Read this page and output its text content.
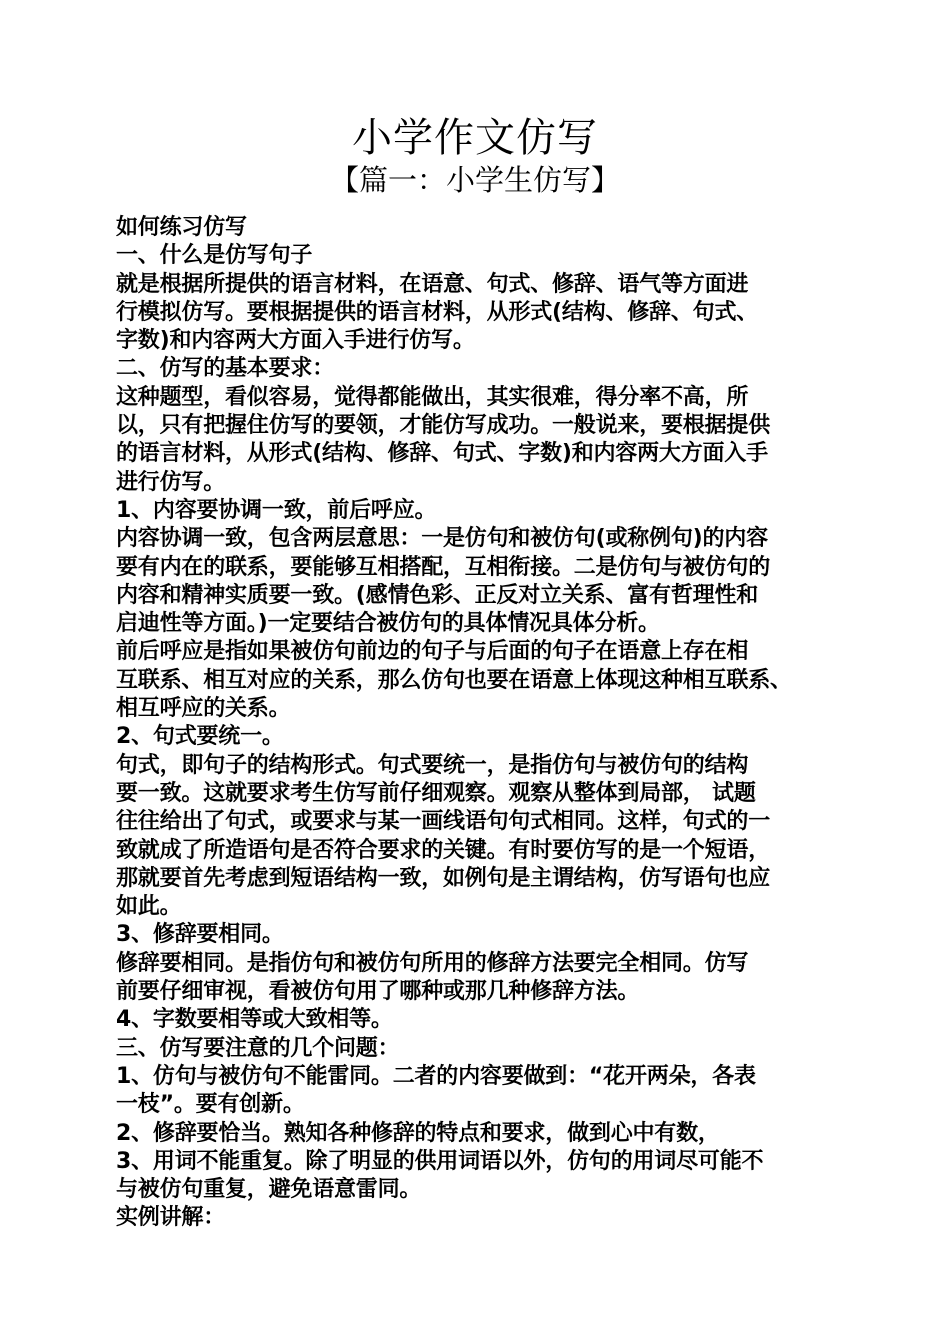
小学作文仿写
【篇一：小学生仿写】
如何练习仿写
一、什么是仿写句子
就是根据所提供的语言材料，在语意、句式、修辞、语气等方面进
行模拟仿写。要根据提供的语言材料，从形式(结构、修辞、句式、
字数)和内容两大方面入手进行仿写。
二、仿写的基本要求：
这种题型，看似容易，觉得都能做出，其实很难，得分率不高，所
以，只有把握住仿写的要领，才能仿写成功。一般说来，要根据提供
的语言材料，从形式(结构、修辞、句式、字数)和内容两大方面入手
进行仿写。
1、内容要协调一致，前后呼应。
内容协调一致，包含两层意思：一是仿句和被仿句(或称例句)的内容
要有内在的联系，要能够互相搭配，互相衔接。二是仿句与被仿句的
内容和精神实质要一致。(感情色彩、正反对立关系、富有哲理性和
启迪性等方面。)一定要结合被仿句的具体情况具体分析。
前后呼应是指如果被仿句前边的句子与后面的句子在语意上存在相
互联系、相互对应的关系，那么仿句也要在语意上体现这种相互联系、
相互呼应的关系。
2、句式要统一。
句式，即句子的结构形式。句式要统一，是指仿句与被仿句的结构
要一致。这就要求考生仿写前仔细观察。观察从整体到局部， 试题
往往给出了句式，或要求与某一画线语句句式相同。这样，句式的一
致就成了所造语句是否符合要求的关键。有时要仿写的是一个短语，
那就要首先考虑到短语结构一致，如例句是主谓结构，仿写语句也应
如此。
3、修辞要相同。
修辞要相同。是指仿句和被仿句所用的修辞方法要完全相同。仿写
前要仔细审视，看被仿句用了哪种或那几种修辞方法。
4、字数要相等或大致相等。
三、仿写要注意的几个问题：
1、仿句与被仿句不能雷同。二者的内容要做到：“花开两朵，各表
一枝”。要有创新。
2、修辞要恰当。熟知各种修辞的特点和要求，做到心中有数，
3、用词不能重复。除了明显的供用词语以外，仿句的用词尽可能不
与被仿句重复，避免语意雷同。
实例讲解：
